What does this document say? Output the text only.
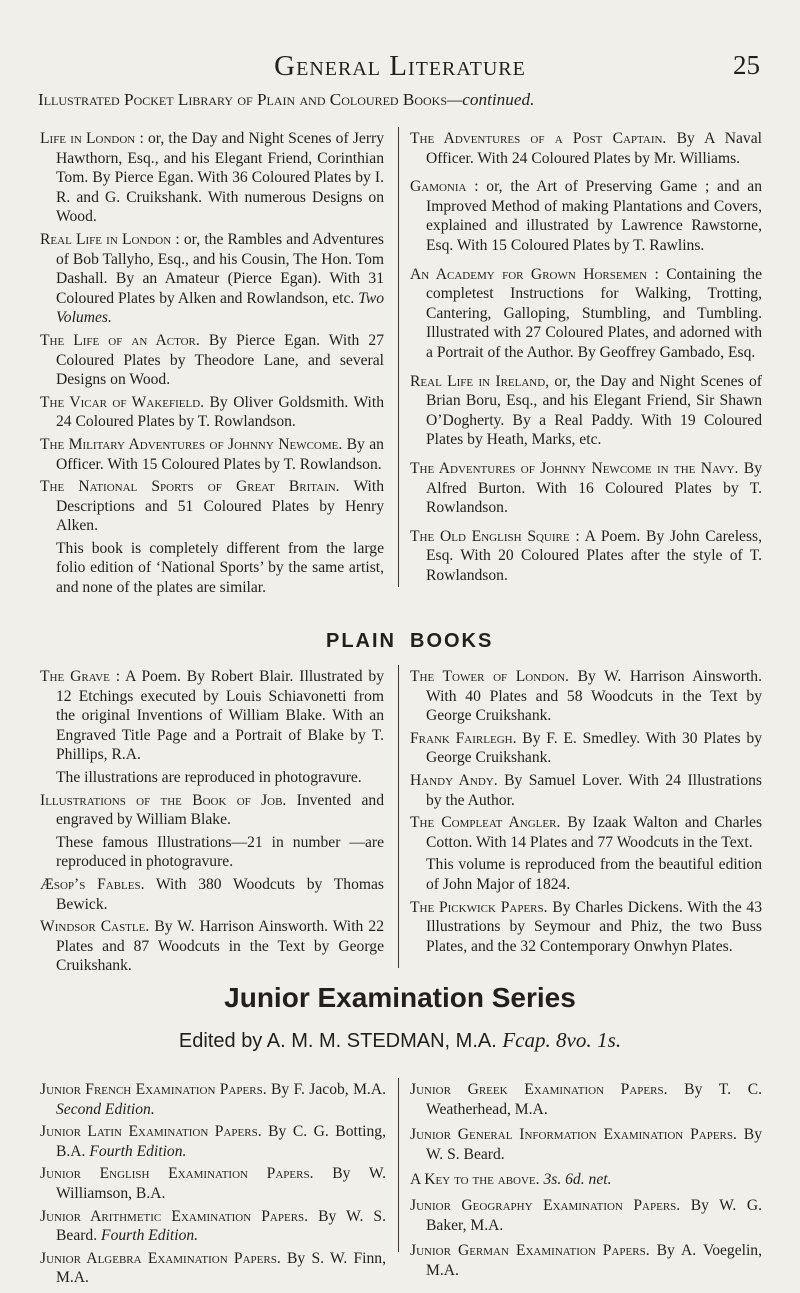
General Literature	25
Illustrated Pocket Library of Plain and Coloured Books—continued.

Life in London : or, the Day and Night Scenes of Jerry Hawthorn, Esq., and his Elegant Friend, Corinthian Tom. By Pierce Egan. With 36 Coloured Plates by I. R. and G. Cruikshank. With numerous Designs on Wood.

Real Life in London : or, the Rambles and Adventures of Bob Tallyho, Esq., and his Cousin, The Hon. Tom Dashall. By an Amateur (Pierce Egan). With 31 Coloured Plates by Alken and Rowlandson, etc. Two Volumes.

The Life of an Actor. By Pierce Egan. With 27 Coloured Plates by Theodore Lane, and several Designs on Wood.

The Vicar of Wakefield. By Oliver Goldsmith. With 24 Coloured Plates by T. Rowlandson.

The Military Adventures of Johnny Newcome. By an Officer. With 15 Coloured Plates by T. Rowlandson.

The National Sports of Great Britain. With Descriptions and 51 Coloured Plates by Henry Alken.

This book is completely different from the large folio edition of ‘National Sports’ by the same artist, and none of the plates are similar.

The Adventures of a Post Captain. By A Naval Officer. With 24 Coloured Plates by Mr. Williams.

Gamonia : or, the Art of Preserving Game ; and an Improved Method of making Plantations and Covers, explained and illustrated by Lawrence Rawstorne, Esq. With 15 Coloured Plates by T. Rawlins.

An Academy for Grown Horsemen : Containing the completest Instructions for Walking, Trotting, Cantering, Galloping, Stumbling, and Tumbling. Illustrated with 27 Coloured Plates, and adorned with a Portrait of the Author. By Geoffrey Gambado, Esq.

Real Life in Ireland, or, the Day and Night Scenes of Brian Boru, Esq., and his Elegant Friend, Sir Shawn O’Dogherty. By a Real Paddy. With 19 Coloured Plates by Heath, Marks, etc.

The Adventures of Johnny Newcome in the Navy. By Alfred Burton. With 16 Coloured Plates by T. Rowlandson.

The Old English Squire : A Poem. By John Careless, Esq. With 20 Coloured Plates after the style of T. Rowlandson.

PLAIN BOOKS

The Grave : A Poem. By Robert Blair. Illustrated by 12 Etchings executed by Louis Schiavonetti from the original Inventions of William Blake. With an Engraved Title Page and a Portrait of Blake by T. Phillips, R.A.

The illustrations are reproduced in photogravure.

Illustrations of the Book of Job. Invented and engraved by William Blake.

These famous Illustrations—21 in number —are reproduced in photogravure.

Æsop’s Fables. With 380 Woodcuts by Thomas Bewick.

Windsor Castle. By W. Harrison Ainsworth. With 22 Plates and 87 Woodcuts in the Text by George Cruikshank.

The Tower of London. By W. Harrison Ainsworth. With 40 Plates and 58 Woodcuts in the Text by George Cruikshank.

Frank Fairlegh. By F. E. Smedley. With 30 Plates by George Cruikshank.

Handy Andy. By Samuel Lover. With 24 Illustrations by the Author.

The Compleat Angler. By Izaak Walton and Charles Cotton. With 14 Plates and 77 Woodcuts in the Text.

This volume is reproduced from the beautiful edition of John Major of 1824.

The Pickwick Papers. By Charles Dickens. With the 43 Illustrations by Seymour and Phiz, the two Buss Plates, and the 32 Contemporary Onwhyn Plates.

Junior Examination Series
Edited by A. M. M. STEDMAN, M.A. Fcap. 8vo. 1s.

Junior French Examination Papers. By F. Jacob, M.A. Second Edition.

Junior Latin Examination Papers. By C. G. Botting, B.A. Fourth Edition.

Junior English Examination Papers. By W. Williamson, B.A.

Junior Arithmetic Examination Papers. By W. S. Beard. Fourth Edition.

Junior Algebra Examination Papers. By S. W. Finn, M.A.

Junior Greek Examination Papers. By T. C. Weatherhead, M.A.

Junior General Information Examination Papers. By W. S. Beard.

A Key to the above. 3s. 6d. net.

Junior Geography Examination Papers. By W. G. Baker, M.A.

Junior German Examination Papers. By A. Voegelin, M.A.
